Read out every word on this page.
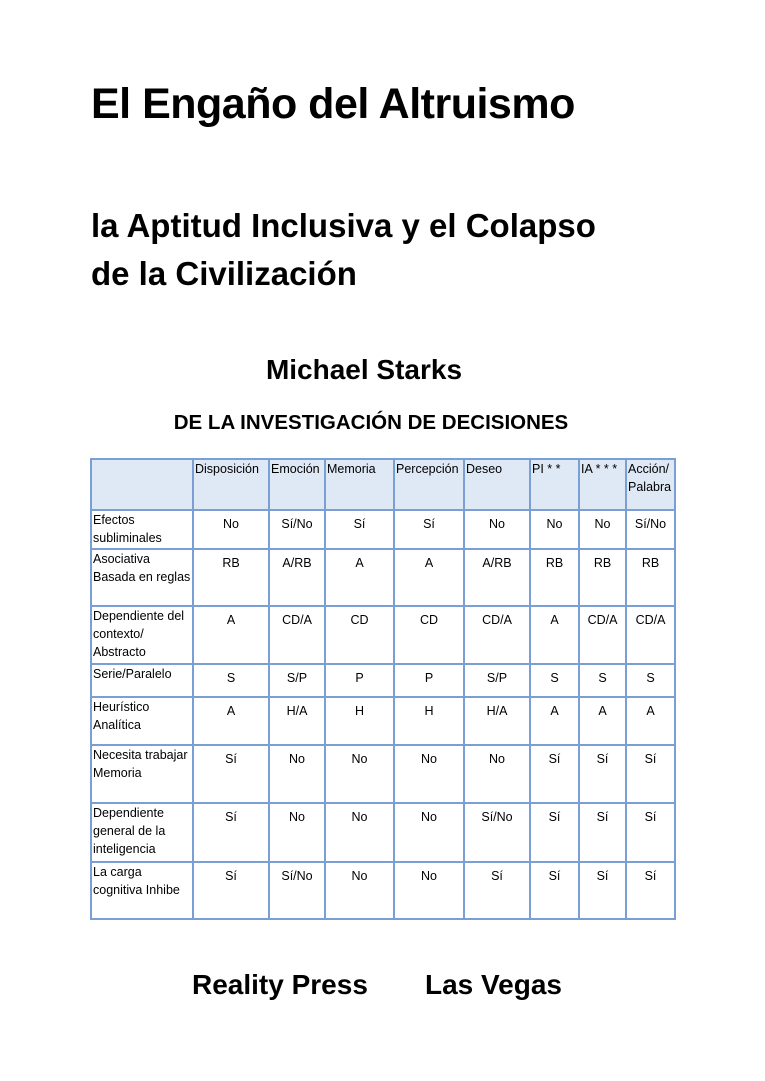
El Engaño del Altruismo
la Aptitud Inclusiva y el Colapso
de la Civilización
Michael Starks
DE LA INVESTIGACIÓN DE DECISIONES
	Disposición	Emoción	Memoria	Percepción	Deseo	PI * *	IA * * *	Acción/ Palabra
Efectos subliminales	No	Sí/No	Sí	Sí	No	No	No	Sí/No
Asociativa Basada en reglas	RB	A/RB	A	A	A/RB	RB	RB	RB
Dependiente del contexto/ Abstracto	A	CD/A	CD	CD	CD/A	A	CD/A	CD/A
Serie/Paralelo	S	S/P	P	P	S/P	S	S	S
Heurístico Analítica	A	H/A	H	H	H/A	A	A	A
Necesita trabajar Memoria	Sí	No	No	No	No	Sí	Sí	Sí
Dependiente general de la inteligencia	Sí	No	No	No	Sí/No	Sí	Sí	Sí
La carga cognitiva Inhibe	Sí	Sí/No	No	No	Sí	Sí	Sí	Sí
Reality Press Las Vegas
